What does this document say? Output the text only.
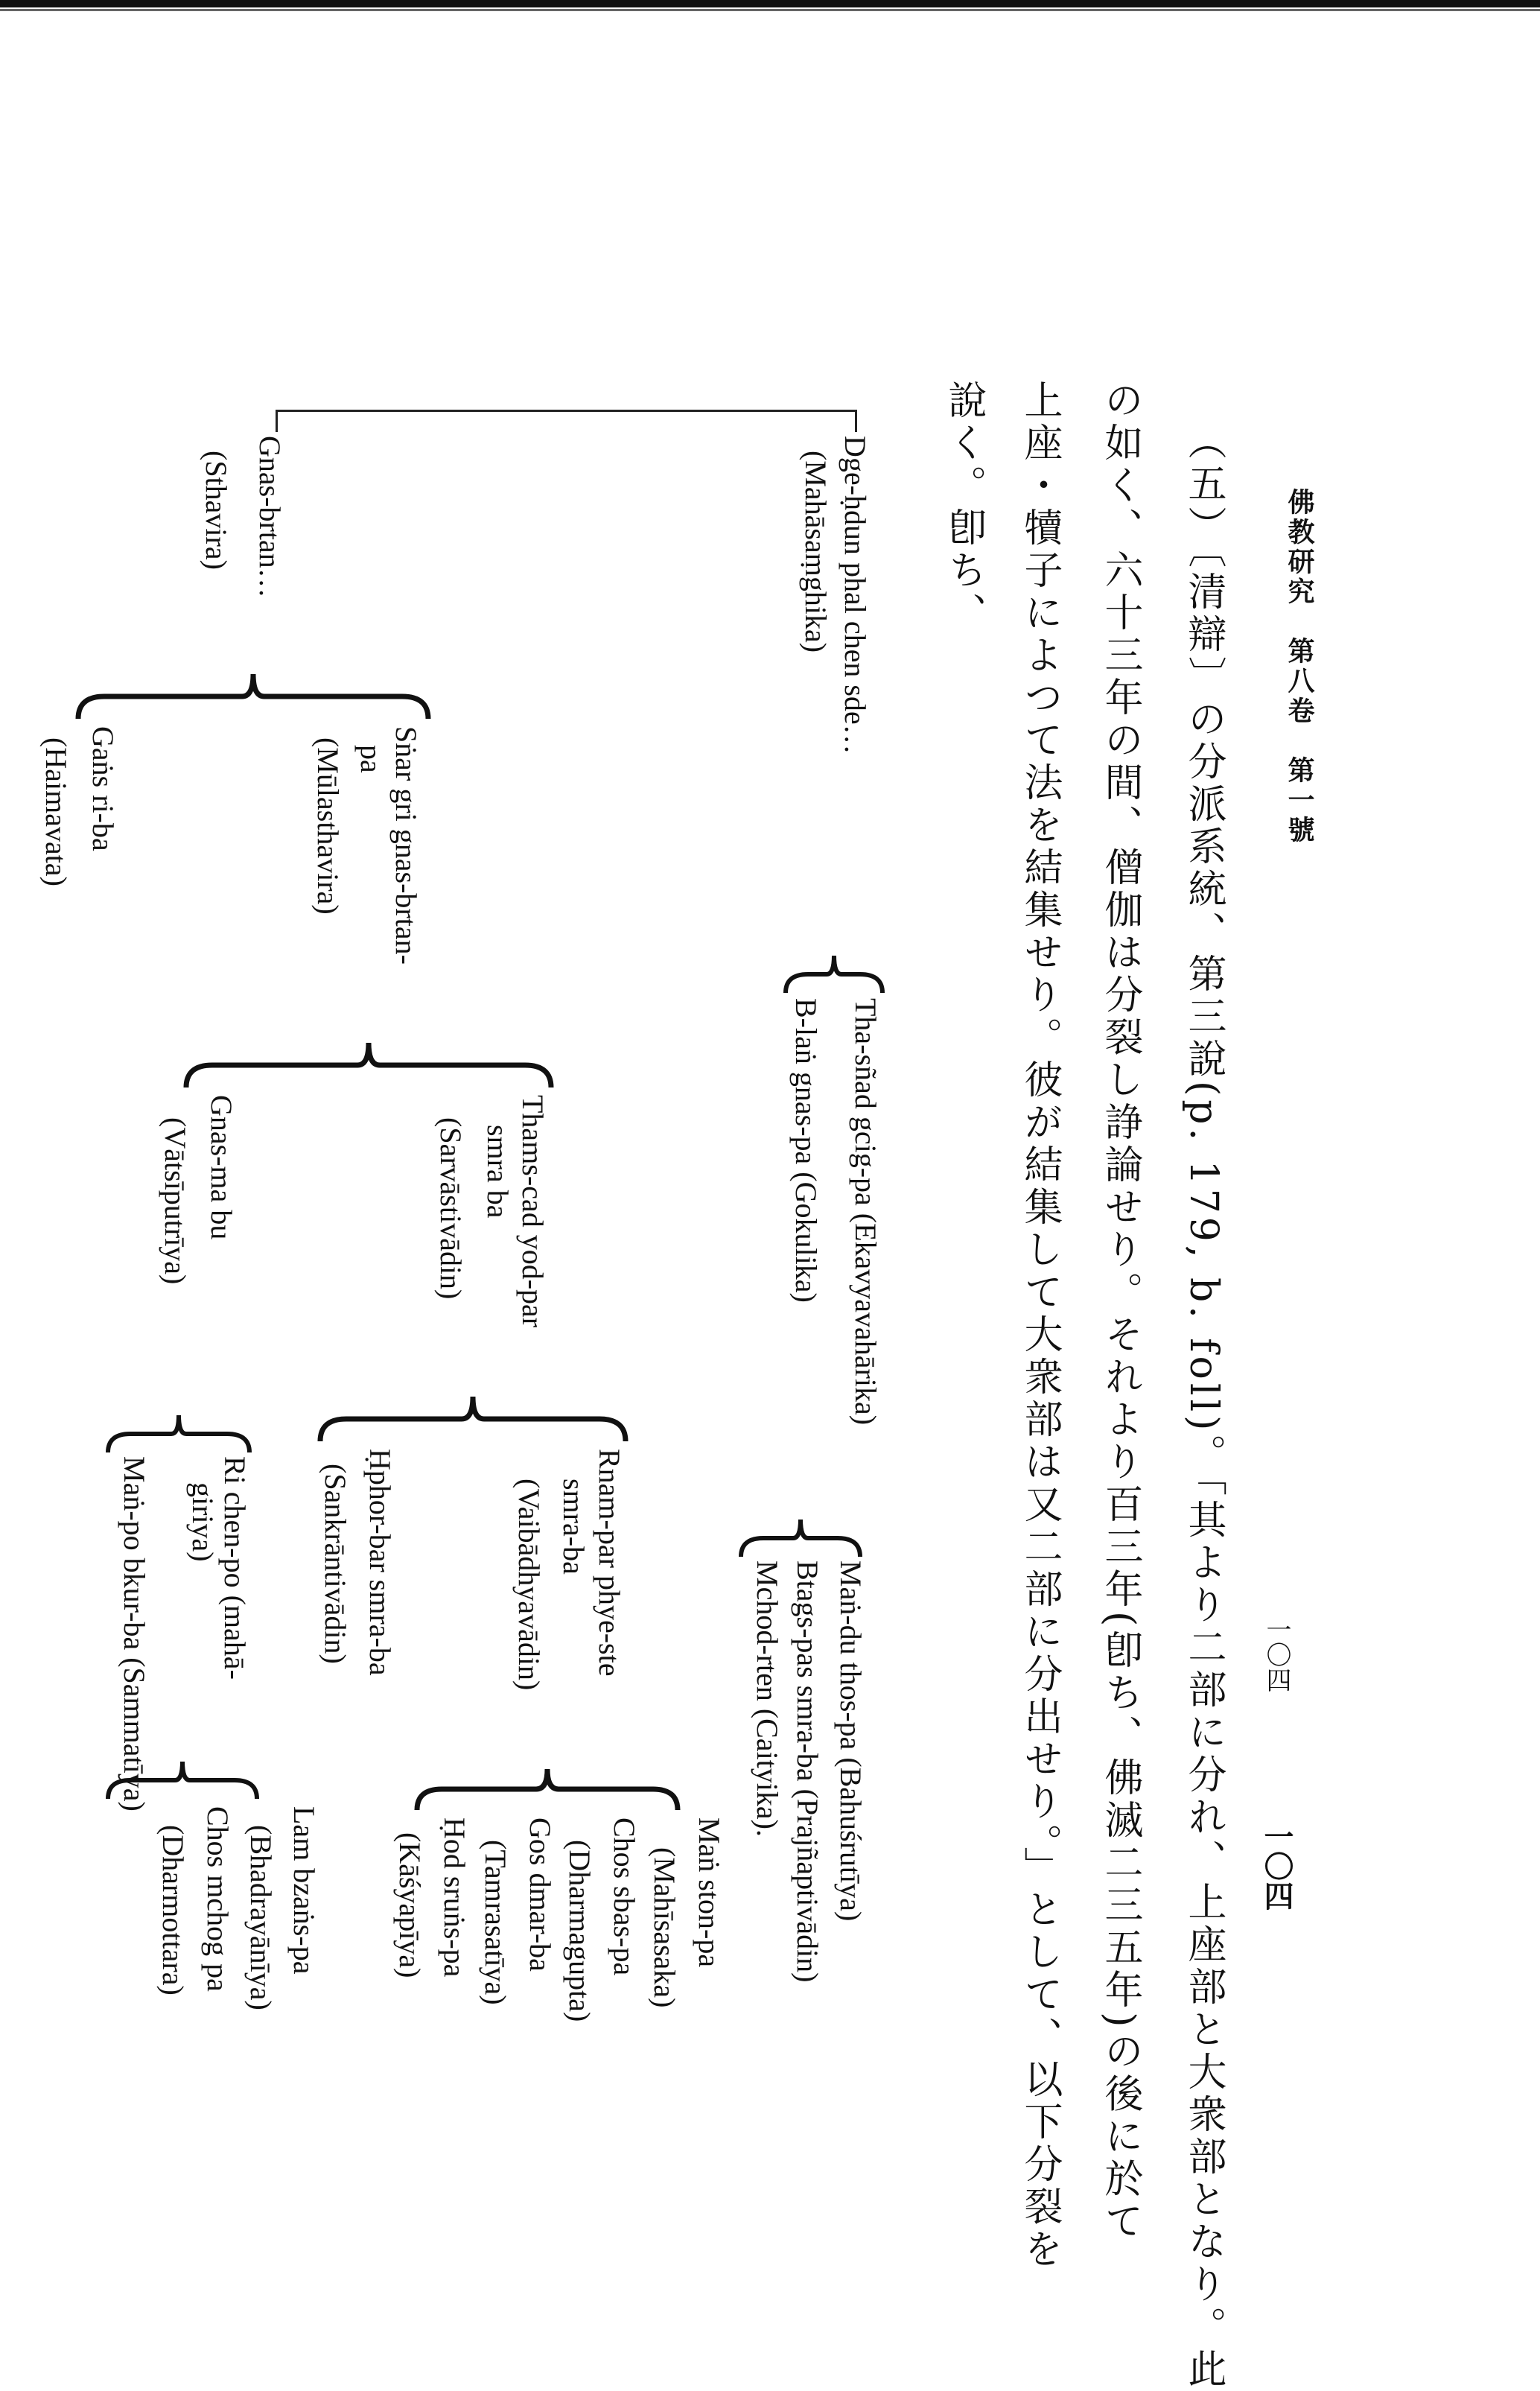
佛教研究　第八卷　第一號
一〇四
一〇四
（五）〔清辯〕の分派系統、第三說(p. 179, b. foll)。「其より二部に分れ、上座部と大衆部となり。此
の如く、六十三年の間、僧伽は分裂し諍論せり。それより百三年(卽ち、佛滅二三五年)の後に於て
上座・犢子によつて法を結集せり。彼が結集して大衆部は又二部に分出せり。」として、以下分裂を
說く。卽ち、
Dge-ḥdun phal chen sde…
(Mahāsaṃghika)
Tha-sñad gcig-pa (Ekavyavahārika)
B-laṅ gnas-pa (Gokulika)
Maṅ-du thos-pa (Bahuśrutīya)
Btags-pas smra-ba (Prajñaptivādin)
Mchod-rten (Caityika).
Gnas-brtan…
(Sthavira)
Sṅar gri gnas-brtan-
pa
(Mūlasthavira)
Gaṅs ri-ba
(Haimavata)
Thams-cad yod-par
smra ba
(Sarvāstivādin)
Gnas-ma bu
(Vātsīputrīya)
Rnam-par phye-ste
smra-ba
(Vaibādhyavādin)
Ḥphor-bar smra-ba
(Sankrāntivādin)
Ri chen-po (mahā-
giriya)
Maṅ-po bkur-ba (Sammatīya)
Maṅ ston-pa
(Mahīsasaka)
Chos sbas-pa
(Dharmagupta)
Gos dmar-ba
(Tamrasatīya)
Ḥod sruṅs-pa
(Kāśyapīya)
Lam bzaṅs-pa
(Bhadrayānīya)
Chos mchog pa
(Dharmottara)
